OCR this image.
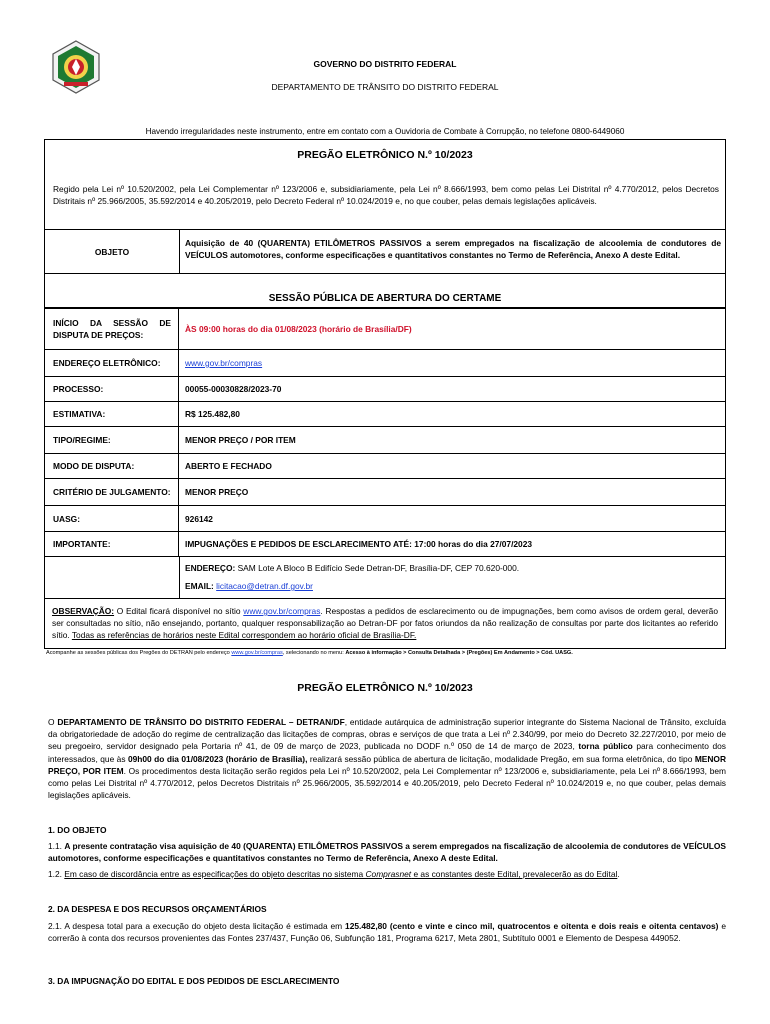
GOVERNO DO DISTRITO FEDERAL
DEPARTAMENTO DE TRÂNSITO DO DISTRITO FEDERAL
Havendo irregularidades neste instrumento, entre em contato com a Ouvidoria de Combate à Corrupção, no telefone 0800-6449060
PREGÃO ELETRÔNICO N.º 10/2023
Regido pela Lei nº 10.520/2002, pela Lei Complementar nº 123/2006 e, subsidiariamente, pela Lei nº 8.666/1993, bem como pelas Lei Distrital nº 4.770/2012, pelos Decretos Distritais nº 25.966/2005, 35.592/2014 e 40.205/2019, pelo Decreto Federal nº 10.024/2019 e, no que couber, pelas demais legislações aplicáveis.
OBJETO
Aquisição de 40 (QUARENTA) ETILÔMETROS PASSIVOS a serem empregados na fiscalização de alcoolemia de condutores de VEÍCULOS automotores, conforme especificações e quantitativos constantes no Termo de Referência, Anexo A deste Edital.
SESSÃO PÚBLICA DE ABERTURA DO CERTAME
INÍCIO DA SESSÃO DE DISPUTA DE PREÇOS:
ÀS 09:00 horas do dia 01/08/2023 (horário de Brasília/DF)
ENDEREÇO ELETRÔNICO:	www.gov.br/compras
PROCESSO:	00055-00030828/2023-70
ESTIMATIVA:	R$ 125.482,80
TIPO/REGIME:	MENOR PREÇO / POR ITEM
MODO DE DISPUTA:	ABERTO E FECHADO
CRITÉRIO DE JULGAMENTO:	MENOR PREÇO
UASG:	926142
IMPORTANTE:	IMPUGNAÇÕES E PEDIDOS DE ESCLARECIMENTO ATÉ: 17:00 horas do dia 27/07/2023
ENDEREÇO: SAM Lote A Bloco B Edifício Sede Detran-DF, Brasília-DF, CEP 70.620-000.
EMAIL: licitacao@detran.df.gov.br
OBSERVAÇÃO: O Edital ficará disponível no sítio www.gov.br/compras. Respostas a pedidos de esclarecimento ou de impugnações, bem como avisos de ordem geral, deverão ser consultadas no sítio, não ensejando, portanto, qualquer responsabilização ao Detran-DF por fatos oriundos da não realização de consultas por parte dos licitantes ao referido sítio. Todas as referências de horários neste Edital correspondem ao horário oficial de Brasília-DF.
Acompanhe as sessões públicas dos Pregões do DETRAN pelo endereço www.gov.br/compras, selecionando no menu: Acesso à informação > Consulta Detalhada > (Pregões) Em Andamento > Cód. UASG.
PREGÃO ELETRÔNICO N.º 10/2023
O DEPARTAMENTO DE TRÂNSITO DO DISTRITO FEDERAL – DETRAN/DF, entidade autárquica de administração superior integrante do Sistema Nacional de Trânsito, excluída da obrigatoriedade de adoção do regime de centralização das licitações de compras, obras e serviços de que trata a Lei nº 2.340/99, por meio do Decreto 32.227/2010, por meio de seu pregoeiro, servidor designado pela Portaria nº 41, de 09 de março de 2023, publicada no DODF n.º 050 de 14 de março de 2023, torna público para conhecimento dos interessados, que às 09h00 do dia 01/08/2023 (horário de Brasília), realizará sessão pública de abertura de licitação, modalidade Pregão, em sua forma eletrônica, do tipo MENOR PREÇO, POR ITEM. Os procedimentos desta licitação serão regidos pela Lei nº 10.520/2002, pela Lei Complementar nº 123/2006 e, subsidiariamente, pela Lei nº 8.666/1993, bem como pelas Lei Distrital nº 4.770/2012, pelos Decretos Distritais nº 25.966/2005, 35.592/2014 e 40.205/2019, pelo Decreto Federal nº 10.024/2019 e, no que couber, pelas demais legislações aplicáveis.
1. DO OBJETO
1.1. A presente contratação visa aquisição de 40 (QUARENTA) ETILÔMETROS PASSIVOS a serem empregados na fiscalização de alcoolemia de condutores de VEÍCULOS automotores, conforme especificações e quantitativos constantes no Termo de Referência, Anexo A deste Edital.
1.2. Em caso de discordância entre as especificações do objeto descritas no sistema Comprasnet e as constantes deste Edital, prevalecerão as do Edital.
2. DA DESPESA E DOS RECURSOS ORÇAMENTÁRIOS
2.1. A despesa total para a execução do objeto desta licitação é estimada em 125.482,80 (cento e vinte e cinco mil, quatrocentos e oitenta e dois reais e oitenta centavos) e correrão à conta dos recursos provenientes das Fontes 237/437, Função 06, Subfunção 181, Programa 6217, Meta 2801, Subtítulo 0001 e Elemento de Despesa 449052.
3. DA IMPUGNAÇÃO DO EDITAL E DOS PEDIDOS DE ESCLARECIMENTO
